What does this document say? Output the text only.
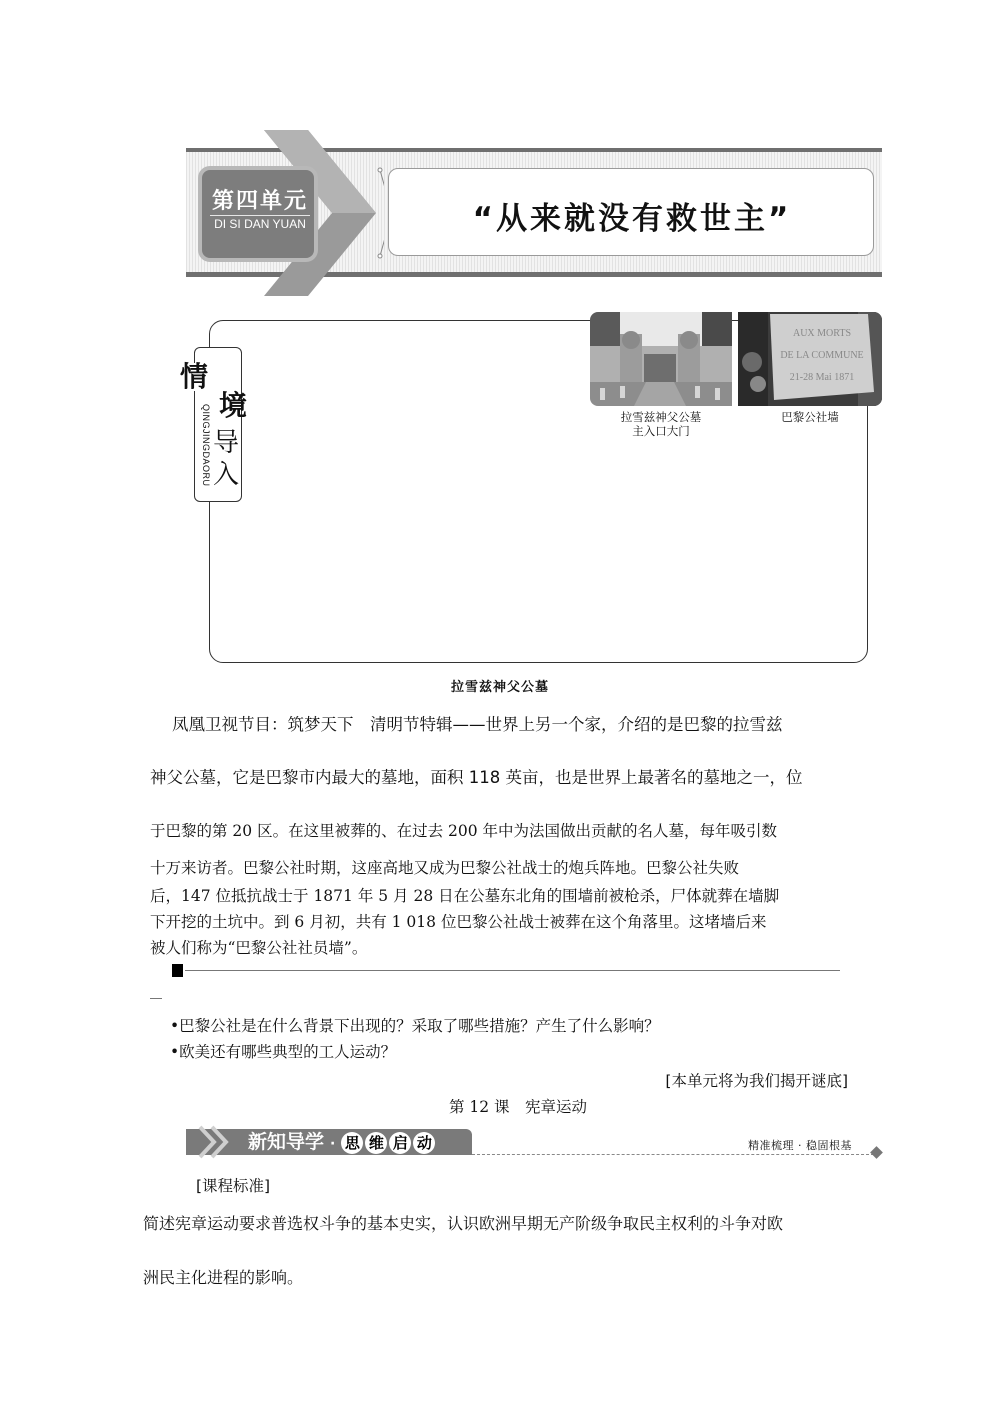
第四单元
DI SI DAN YUAN	“从来就没有救世主”
情
境
导
入
QINGJINGDAORU
AUX MORTS
DE LA COMMUNE
21-28 Mai 1871
拉雪兹神父公墓
主入口大门
巴黎公社墙
拉雪兹神父公墓
凤凰卫视节目：筑梦天下　清明节特辑——世界上另一个家，介绍的是巴黎的拉雪兹
神父公墓，它是巴黎市内最大的墓地，面积 118 英亩，也是世界上最著名的墓地之一，位
于巴黎的第 20 区。在这里被葬的、在过去 200 年中为法国做出贡献的名人墓，每年吸引数
十万来访者。巴黎公社时期，这座高地又成为巴黎公社战士的炮兵阵地。巴黎公社失败
后，147 位抵抗战士于 1871 年 5 月 28 日在公墓东北角的围墙前被枪杀，尸体就葬在墙脚
下开挖的土坑中。到 6 月初，共有 1 018 位巴黎公社战士被葬在这个角落里。这堵墙后来
被人们称为“巴黎公社社员墙”。
•巴黎公社是在什么背景下出现的？采取了哪些措施？产生了什么影响？
•欧美还有哪些典型的工人运动？
[本单元将为我们揭开谜底]
第 12 课　宪章运动
新知导学 · 思 维 启 动	精准梳理 · 稳固根基
[课程标准]
简述宪章运动要求普选权斗争的基本史实，认识欧洲早期无产阶级争取民主权利的斗争对欧
洲民主化进程的影响。
